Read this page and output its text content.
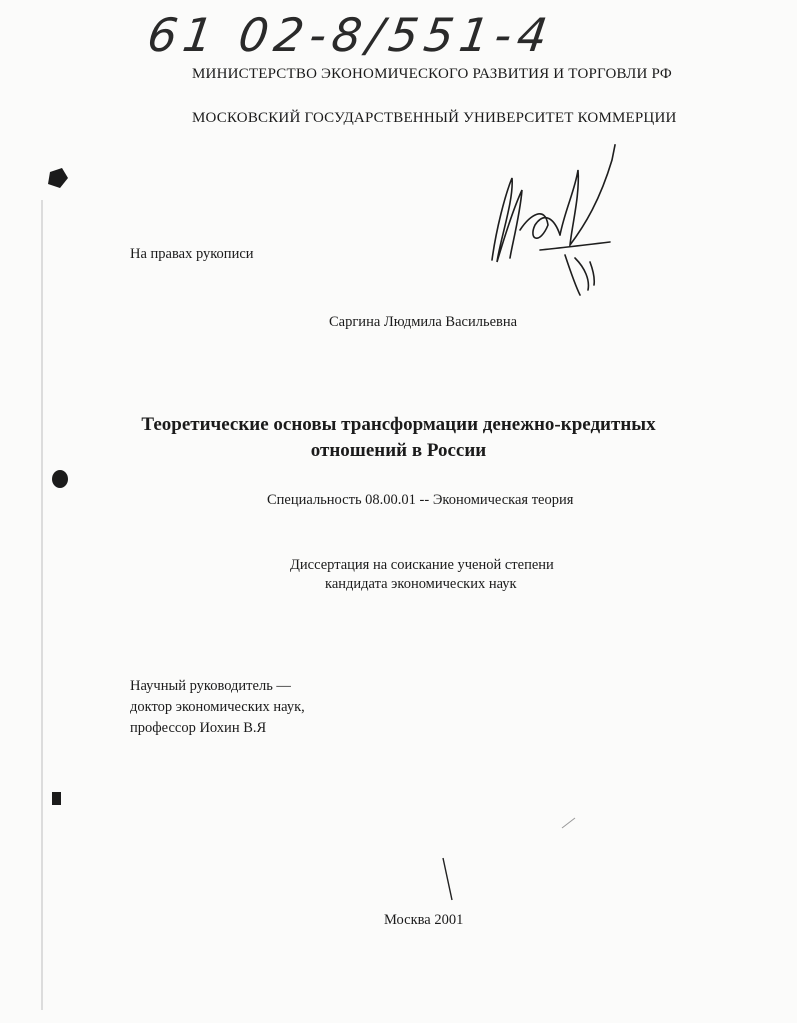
61 02-8/551-4
МИНИСТЕРСТВО ЭКОНОМИЧЕСКОГО РАЗВИТИЯ И ТОРГОВЛИ РФ
МОСКОВСКИЙ ГОСУДАРСТВЕННЫЙ УНИВЕРСИТЕТ КОММЕРЦИИ
На правах рукописи
Саргина Людмила Васильевна
Теоретические основы трансформации денежно-кредитных
отношений в России
Специальность 08.00.01 -- Экономическая теория
Диссертация на соискание ученой степени
кандидата экономических наук
Научный руководитель —
доктор экономических наук,
профессор Иохин В.Я
Москва 2001
